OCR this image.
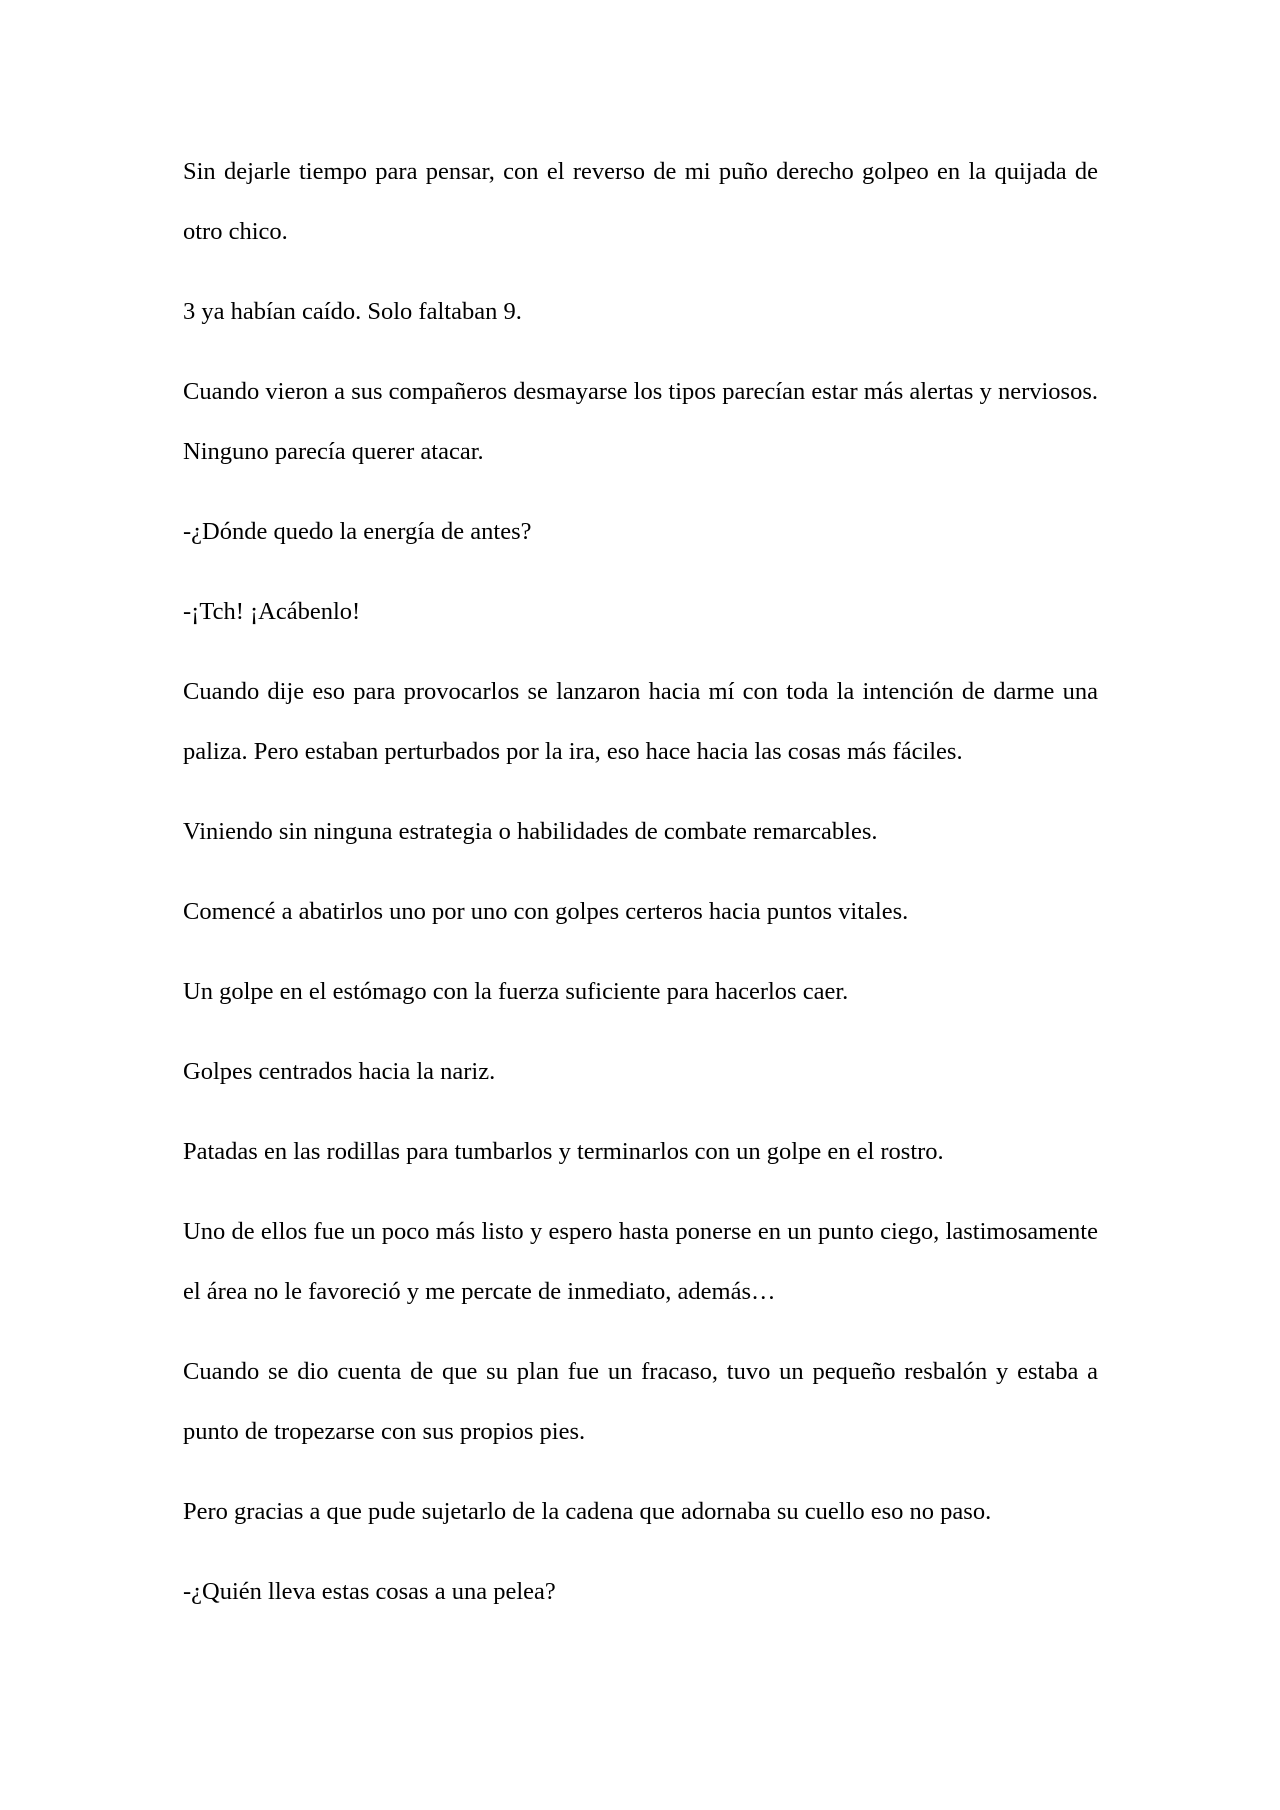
Sin dejarle tiempo para pensar, con el reverso de mi puño derecho golpeo en la quijada de otro chico.

3 ya habían caído. Solo faltaban 9.

Cuando vieron a sus compañeros desmayarse los tipos parecían estar más alertas y nerviosos. Ninguno parecía querer atacar.

-¿Dónde quedo la energía de antes?

-¡Tch! ¡Acábenlo!

Cuando dije eso para provocarlos se lanzaron hacia mí con toda la intención de darme una paliza. Pero estaban perturbados por la ira, eso hace hacia las cosas más fáciles.

Viniendo sin ninguna estrategia o habilidades de combate remarcables.

Comencé a abatirlos uno por uno con golpes certeros hacia puntos vitales.

Un golpe en el estómago con la fuerza suficiente para hacerlos caer.

Golpes centrados hacia la nariz.

Patadas en las rodillas para tumbarlos y terminarlos con un golpe en el rostro.

Uno de ellos fue un poco más listo y espero hasta ponerse en un punto ciego, lastimosamente el área no le favoreció y me percate de inmediato, además…

Cuando se dio cuenta de que su plan fue un fracaso, tuvo un pequeño resbalón y estaba a punto de tropezarse con sus propios pies.

Pero gracias a que pude sujetarlo de la cadena que adornaba su cuello eso no paso.

-¿Quién lleva estas cosas a una pelea?
